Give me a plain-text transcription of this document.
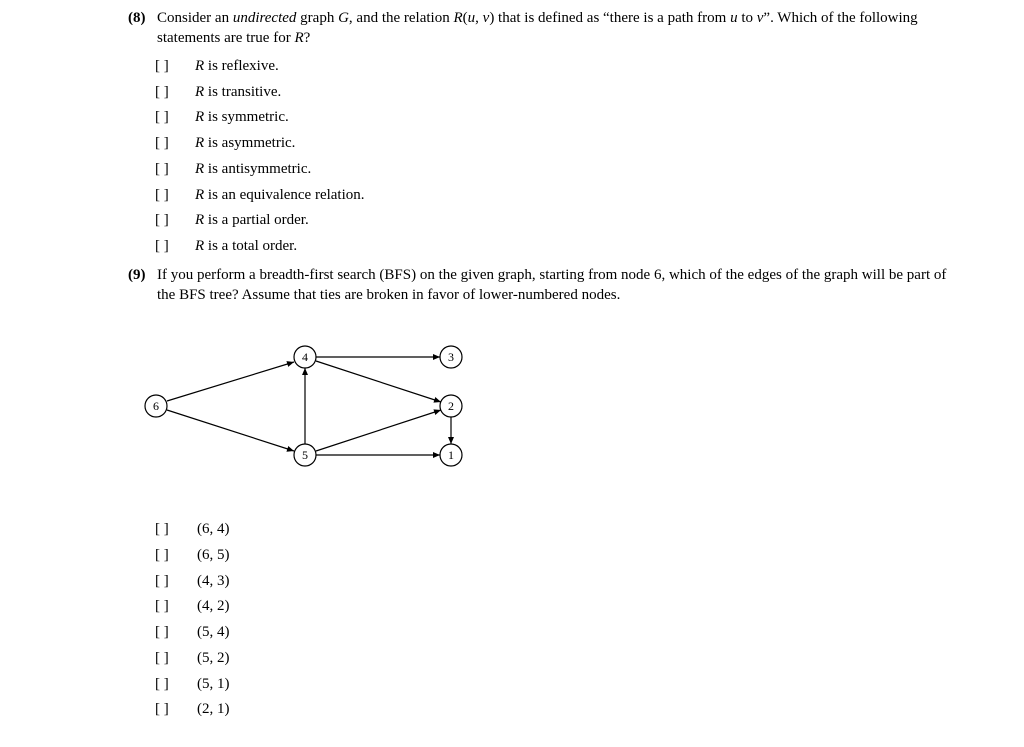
(8) Consider an undirected graph G, and the relation R(u, v) that is defined as “there is a path from u to v”. Which of the following statements are true for R?
[ ] R is reflexive.
[ ] R is transitive.
[ ] R is symmetric.
[ ] R is asymmetric.
[ ] R is antisymmetric.
[ ] R is an equivalence relation.
[ ] R is a partial order.
[ ] R is a total order.
(9) If you perform a breadth-first search (BFS) on the given graph, starting from node 6, which of the edges of the graph will be part of the BFS tree? Assume that ties are broken in favor of lower-numbered nodes.
6
4
5
3
2
1
[ ] (6, 4)
[ ] (6, 5)
[ ] (4, 3)
[ ] (4, 2)
[ ] (5, 4)
[ ] (5, 2)
[ ] (5, 1)
[ ] (2, 1)
